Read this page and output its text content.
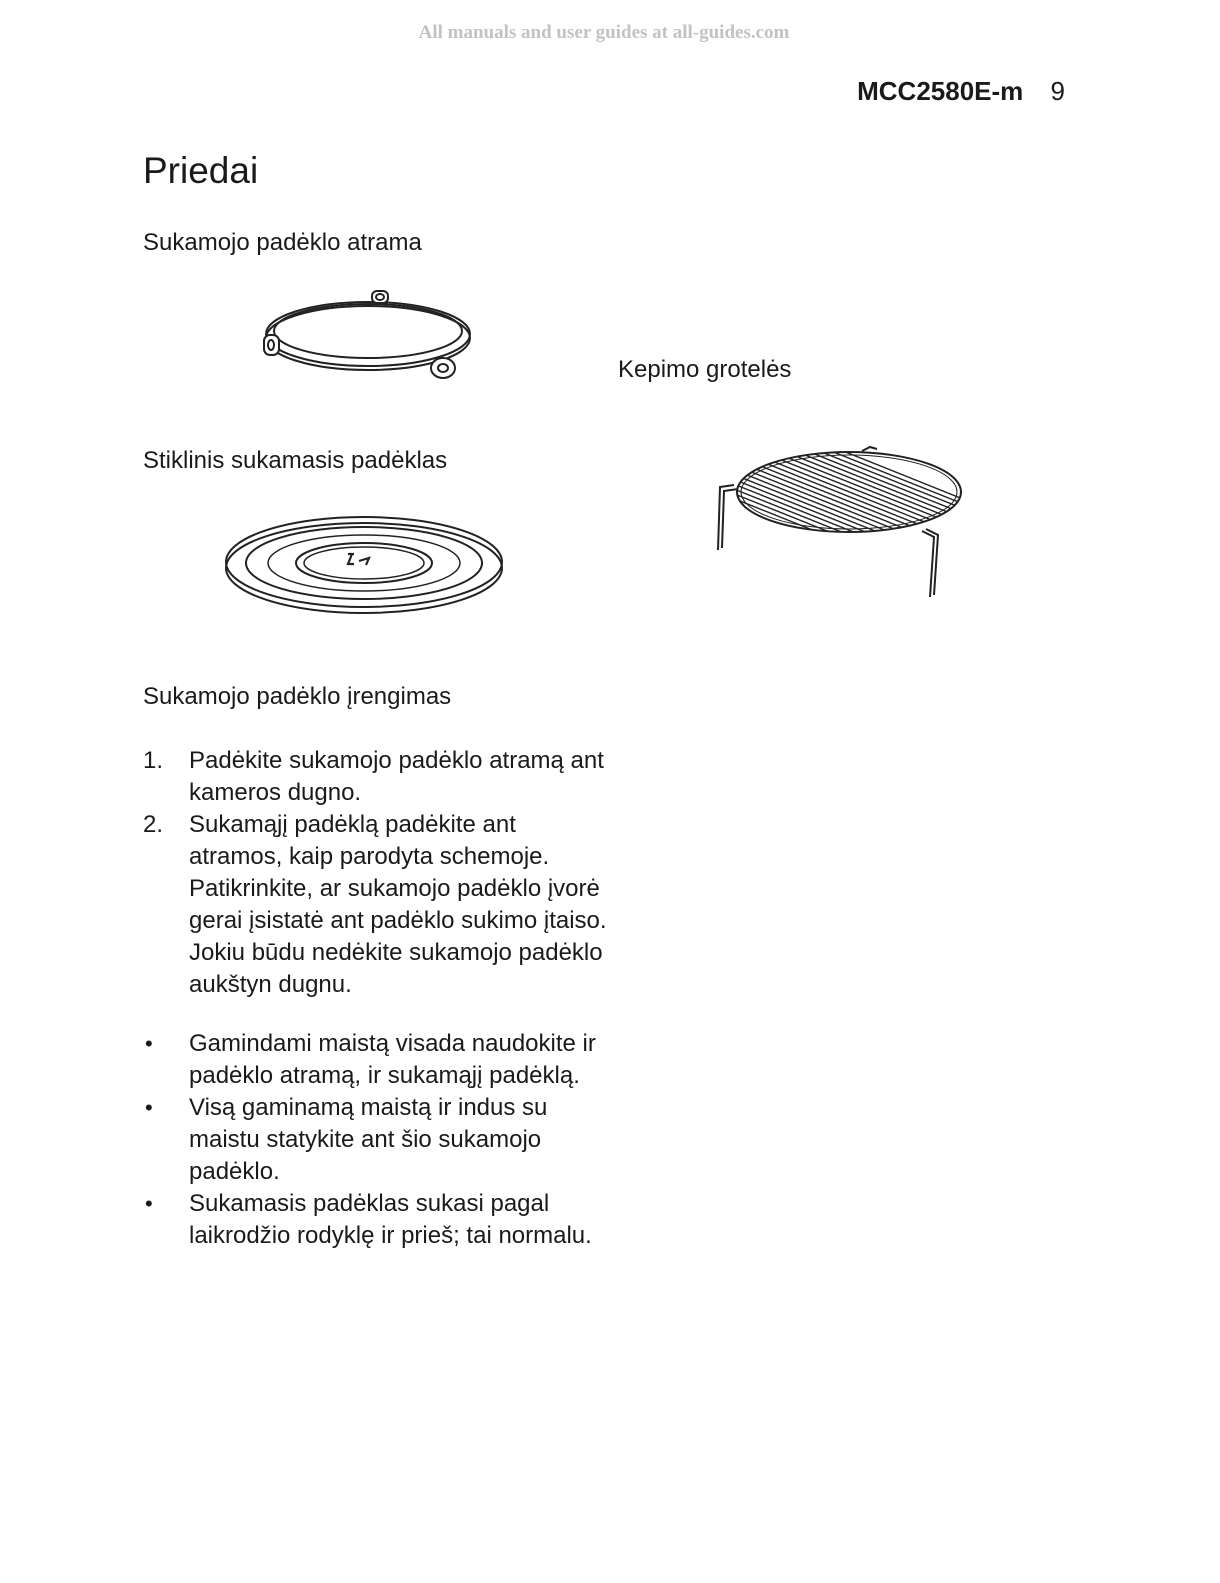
All manuals and user guides at all-guides.com
MCC2580E-m 9
Priedai
Sukamojo padėklo atrama
Kepimo grotelės
Stiklinis sukamasis padėklas
Sukamojo padėklo įrengimas
1. Padėkite sukamojo padėklo atramą ant kameros dugno.
2. Sukamąjį padėklą padėkite ant atramos, kaip parodyta schemoje. Patikrinkite, ar sukamojo padėklo įvorė gerai įsistatė ant padėklo sukimo įtaiso. Jokiu būdu nedėkite sukamojo padėklo aukštyn dugnu.
• Gamindami maistą visada naudokite ir padėklo atramą, ir sukamąjį padėklą.
• Visą gaminamą maistą ir indus su maistu statykite ant šio sukamojo padėklo.
• Sukamasis padėklas sukasi pagal laikrodžio rodyklę ir prieš; tai normalu.
